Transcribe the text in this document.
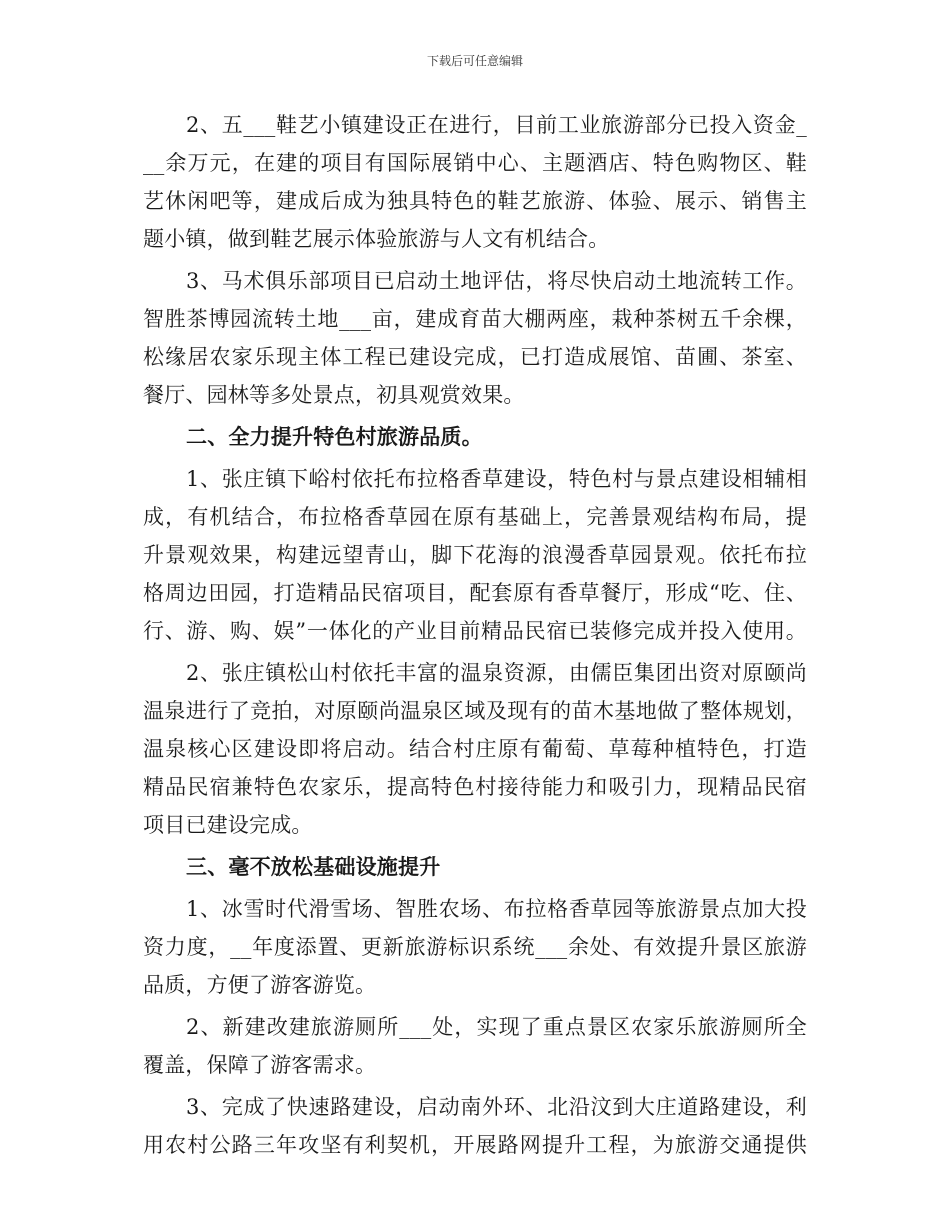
下载后可任意编辑
2、五___鞋艺小镇建设正在进行，目前工业旅游部分已投入资金_
__余万元，在建的项目有国际展销中心、主题酒店、特色购物区、鞋
艺休闲吧等，建成后成为独具特色的鞋艺旅游、体验、展示、销售主
题小镇，做到鞋艺展示体验旅游与人文有机结合。
3、马术俱乐部项目已启动土地评估，将尽快启动土地流转工作。
智胜茶博园流转土地___亩，建成育苗大棚两座，栽种茶树五千余棵，
松缘居农家乐现主体工程已建设完成，已打造成展馆、苗圃、茶室、
餐厅、园林等多处景点，初具观赏效果。
二、全力提升特色村旅游品质。
1、张庄镇下峪村依托布拉格香草建设，特色村与景点建设相辅相
成，有机结合，布拉格香草园在原有基础上，完善景观结构布局，提
升景观效果，构建远望青山，脚下花海的浪漫香草园景观。依托布拉
格周边田园，打造精品民宿项目，配套原有香草餐厅，形成“吃、住、
行、游、购、娱”一体化的产业目前精品民宿已装修完成并投入使用。
2、张庄镇松山村依托丰富的温泉资源，由儒臣集团出资对原颐尚
温泉进行了竞拍，对原颐尚温泉区域及现有的苗木基地做了整体规划，
温泉核心区建设即将启动。结合村庄原有葡萄、草莓种植特色，打造
精品民宿兼特色农家乐，提高特色村接待能力和吸引力，现精品民宿
项目已建设完成。
三、毫不放松基础设施提升
1、冰雪时代滑雪场、智胜农场、布拉格香草园等旅游景点加大投
资力度，__年度添置、更新旅游标识系统___余处、有效提升景区旅游
品质，方便了游客游览。
2、新建改建旅游厕所___处，实现了重点景区农家乐旅游厕所全
覆盖，保障了游客需求。
3、完成了快速路建设，启动南外环、北沿汶到大庄道路建设，利
用农村公路三年攻坚有利契机，开展路网提升工程，为旅游交通提供
